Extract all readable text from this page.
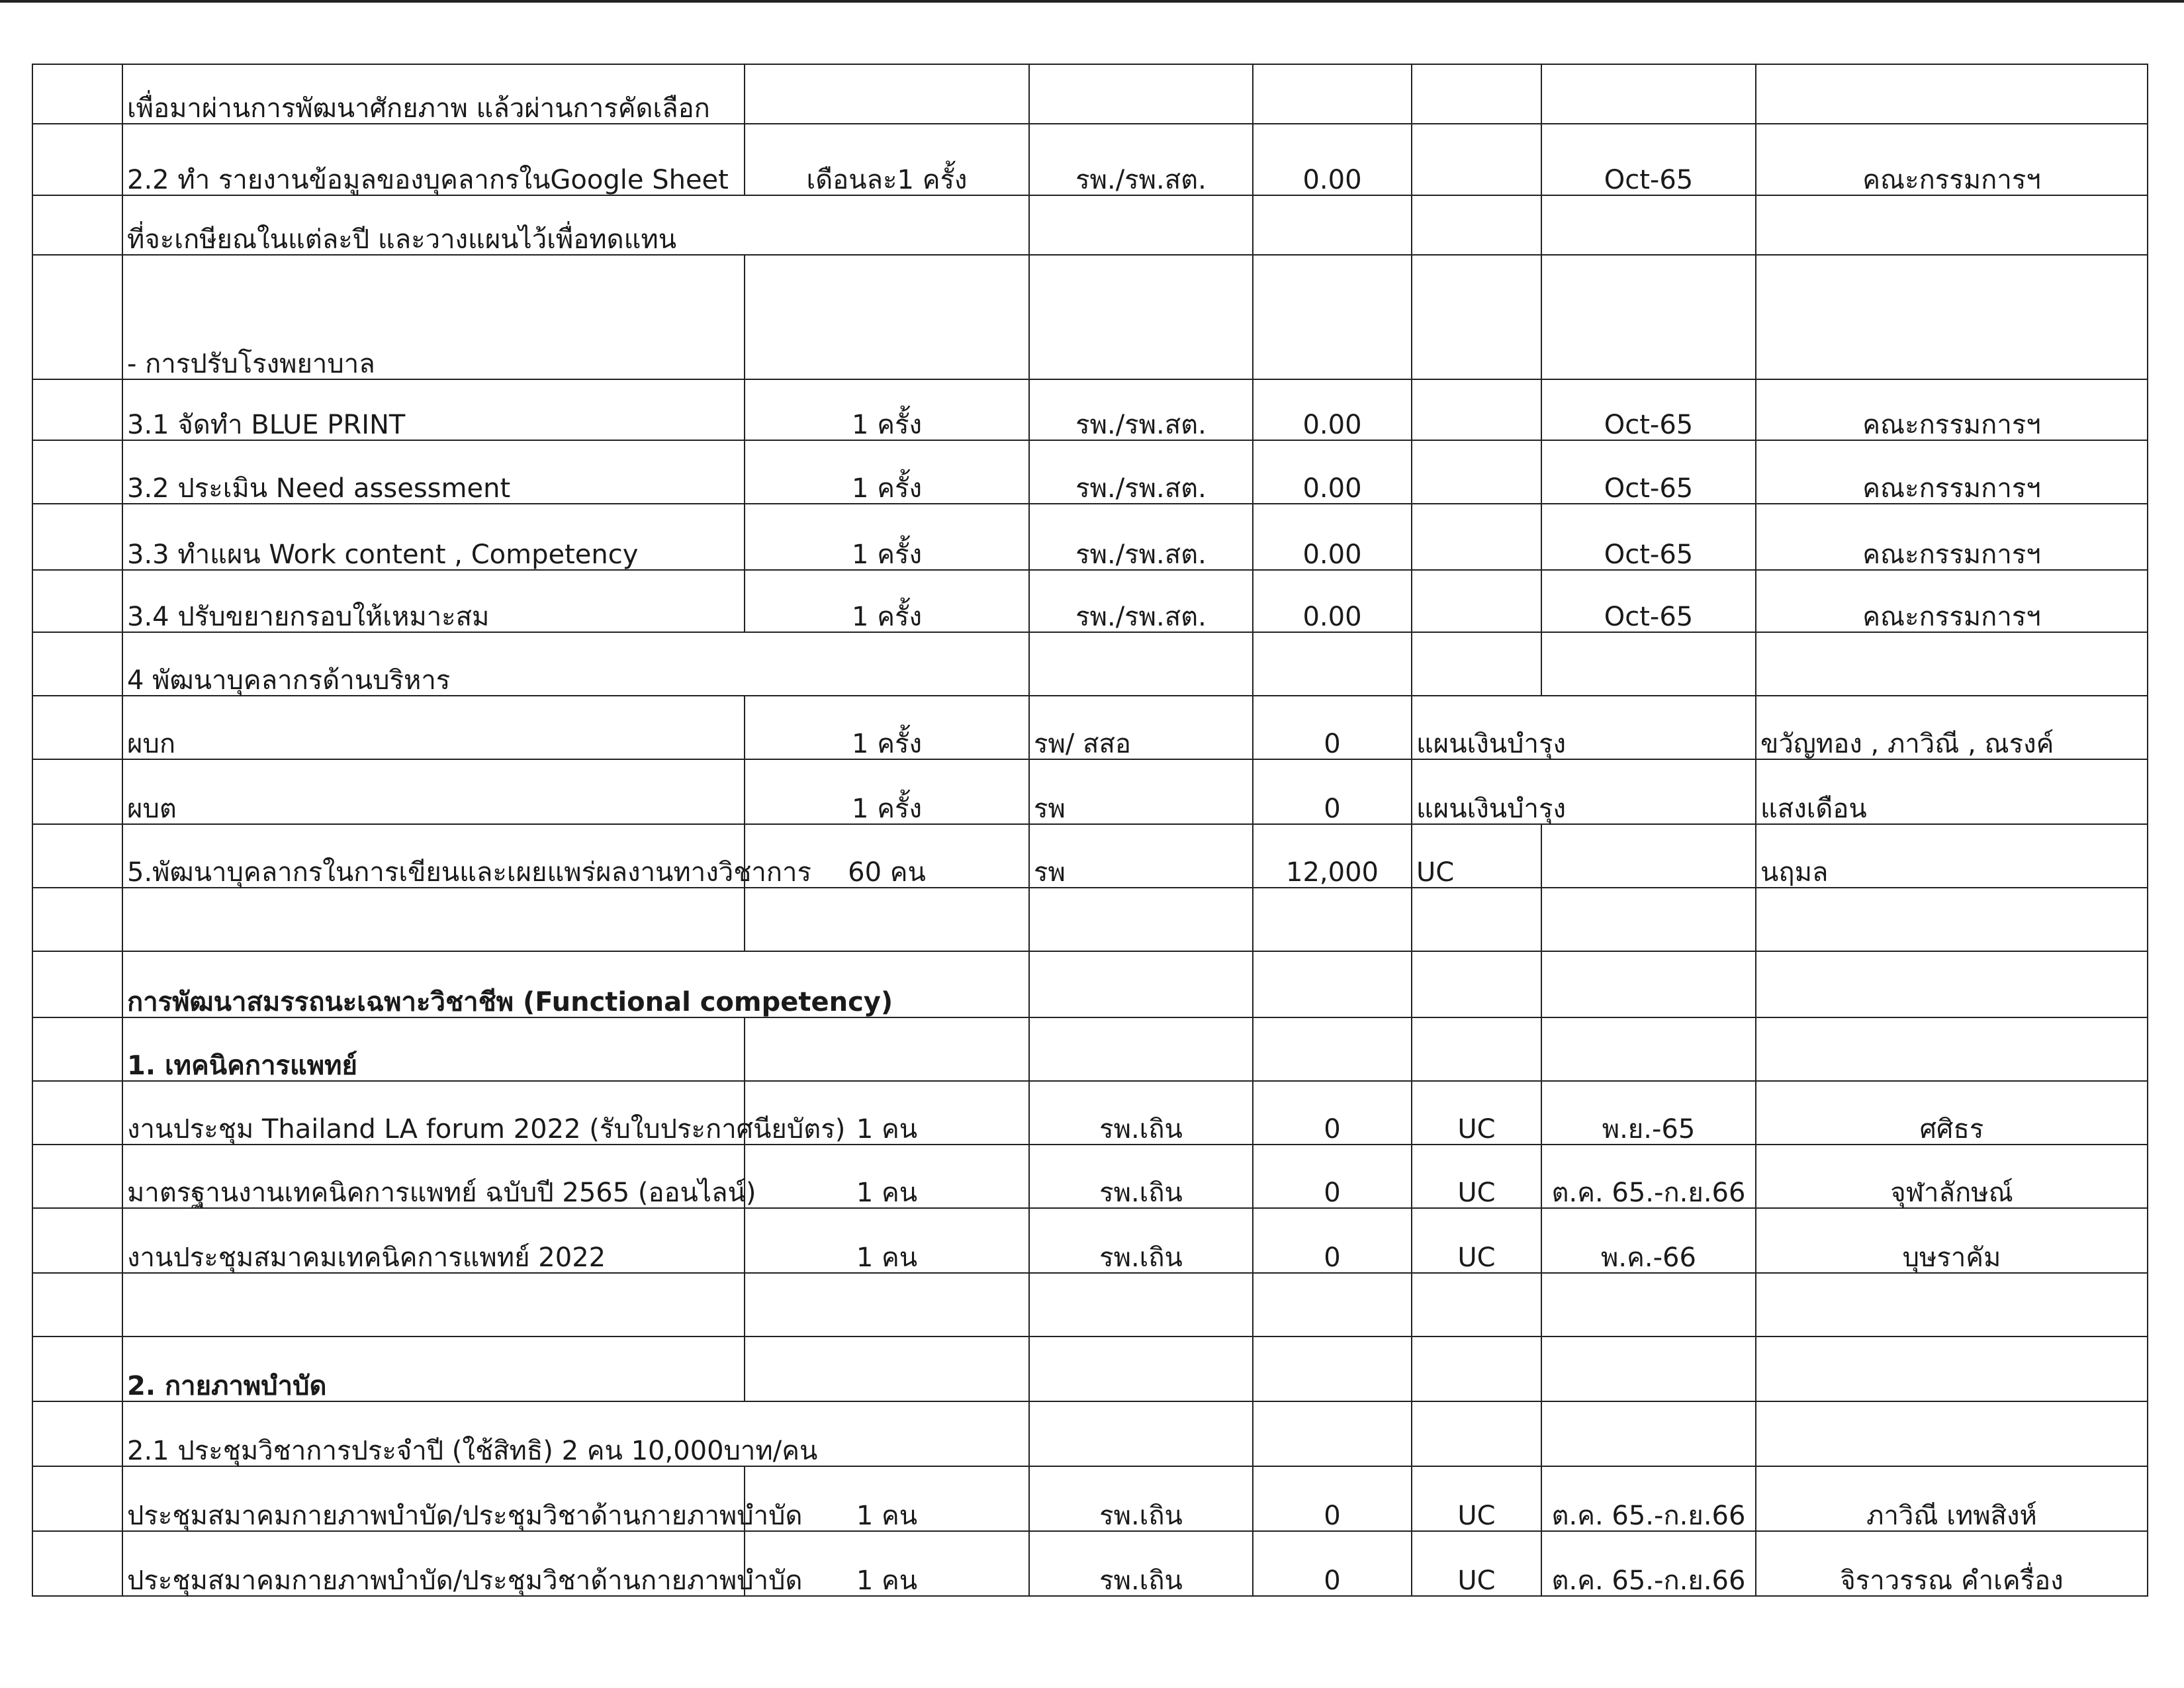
	เพื่อมาผ่านการพัฒนาศักยภาพ แล้วผ่านการคัดเลือก						
	2.2 ทำ รายงานข้อมูลของบุคลากรในGoogle Sheet	เดือนละ1 ครั้ง	รพ./รพ.สต.	0.00		Oct-65	คณะกรรมการฯ
	ที่จะเกษียณในแต่ละปี และวางแผนไว้เพื่อทดแทน						
	- การปรับโรงพยาบาล						
	3.1 จัดทำ BLUE PRINT	1 ครั้ง	รพ./รพ.สต.	0.00		Oct-65	คณะกรรมการฯ
	3.2 ประเมิน Need assessment	1 ครั้ง	รพ./รพ.สต.	0.00		Oct-65	คณะกรรมการฯ
	3.3 ทำแผน Work content , Competency	1 ครั้ง	รพ./รพ.สต.	0.00		Oct-65	คณะกรรมการฯ
	3.4 ปรับขยายกรอบให้เหมาะสม	1 ครั้ง	รพ./รพ.สต.	0.00		Oct-65	คณะกรรมการฯ
	4 พัฒนาบุคลากรด้านบริหาร						
	ผบก	1 ครั้ง	รพ/ สสอ	0	แผนเงินบำรุง		ขวัญทอง , ภาวิณี , ณรงค์
	ผบต	1 ครั้ง	รพ	0	แผนเงินบำรุง		แสงเดือน
	5.พัฒนาบุคลากรในการเขียนและเผยแพร่ผลงานทางวิชาการ	60 คน	รพ	12,000	UC		นฤมล

	การพัฒนาสมรรถนะเฉพาะวิชาชีพ (Functional competency)						
	1. เทคนิคการแพทย์						
	งานประชุม Thailand LA forum 2022 (รับใบประกาศนียบัตร)	1 คน	รพ.เถิน	0	UC	พ.ย.-65	ศศิธร
	มาตรฐานงานเทคนิคการแพทย์ ฉบับปี 2565 (ออนไลน์)	1 คน	รพ.เถิน	0	UC	ต.ค. 65.-ก.ย.66	จุฬาลักษณ์
	งานประชุมสมาคมเทคนิคการแพทย์ 2022	1 คน	รพ.เถิน	0	UC	พ.ค.-66	บุษราคัม

	2. กายภาพบำบัด						
	2.1 ประชุมวิชาการประจำปี (ใช้สิทธิ) 2 คน 10,000บาท/คน						
	ประชุมสมาคมกายภาพบำบัด/ประชุมวิชาด้านกายภาพบำบัด	1 คน	รพ.เถิน	0	UC	ต.ค. 65.-ก.ย.66	ภาวิณี เทพสิงห์
	ประชุมสมาคมกายภาพบำบัด/ประชุมวิชาด้านกายภาพบำบัด	1 คน	รพ.เถิน	0	UC	ต.ค. 65.-ก.ย.66	จิราวรรณ คำเครื่อง
